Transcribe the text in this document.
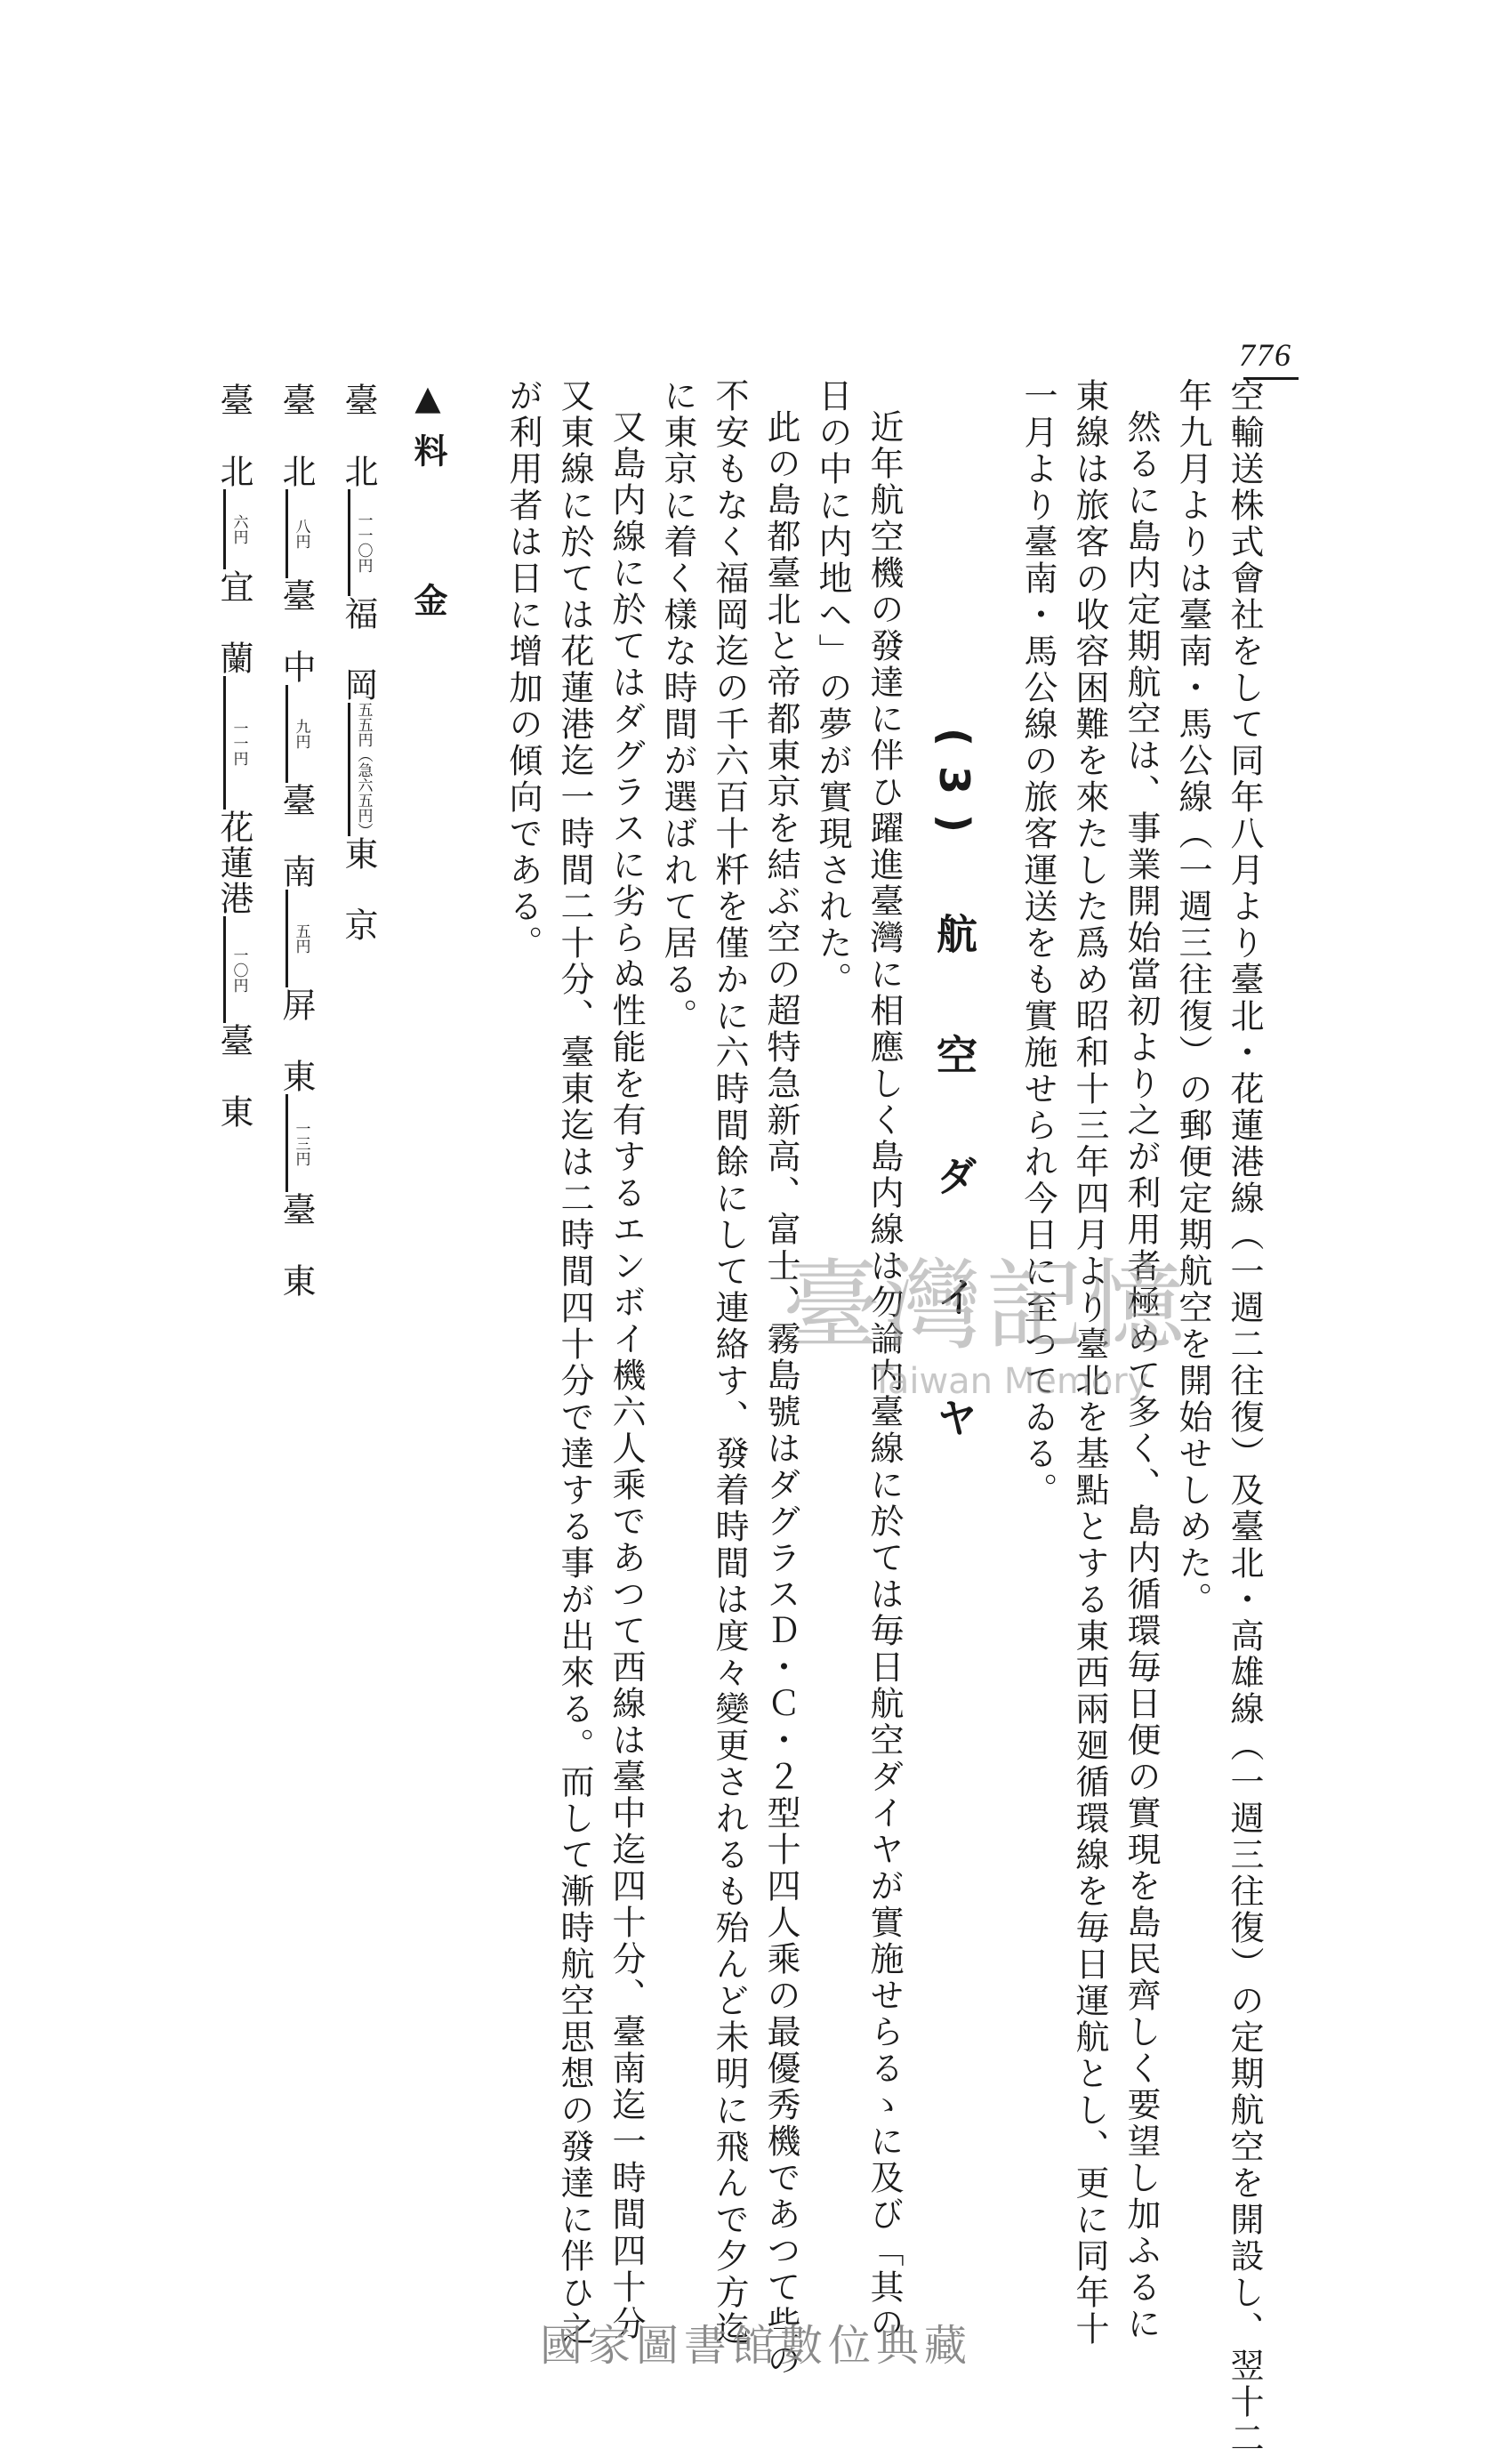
776
空輸送株式會社をして同年八月より臺北・花蓮港線（一週二往復）及臺北・高雄線（一週三往復）の定期航空を開設し、翌十二
年九月よりは臺南・馬公線（一週三往復）の郵便定期航空を開始せしめた。
然るに島内定期航空は、事業開始當初より之が利用者極めて多く、島内循環毎日便の實現を島民齊しく要望し加ふるに
東線は旅客の收容困難を來たした爲め昭和十三年四月より臺北を基點とする東西兩廻循環線を毎日運航とし、更に同年十
一月より臺南・馬公線の旅客運送をも實施せられ今日に至つてゐる。
(3)　航　空　ダ　イ　ヤ
近年航空機の發達に伴ひ躍進臺灣に相應しく島内線は勿論内臺線に於ては毎日航空ダイヤが實施せらるゝに及び「其の
日の中に内地へ」の夢が實現された。
此の島都臺北と帝都東京を結ぶ空の超特急新高、富士、霧島號はダグラスＤ・Ｃ・２型十四人乘の最優秀機であつて些の
不安もなく福岡迄の千六百十粁を僅かに六時間餘にして連絡す、發着時間は度々變更されるも殆んど未明に飛んで夕方迄
に東京に着く樣な時間が選ばれて居る。
又島内線に於てはダグラスに劣らぬ性能を有するエンボイ機六人乘であつて西線は臺中迄四十分、臺南迄一時間四十分
又東線に於ては花蓮港迄一時間二十分、臺東迄は二時間四十分で達する事が出來る。而して漸時航空思想の發達に伴ひ之
が利用者は日に增加の傾向である。
▲料　　金
臺　北
一一〇円
福　岡
五五円（急六五円）
東　京
臺　北
八円
臺　中
九円
臺　南
五円
屏　東
一三円
臺　東
臺　北
六円
宜　蘭
一一円
花蓮港
一〇円
臺　東
臺灣記憶
Taiwan Memory
國家圖書館數位典藏
